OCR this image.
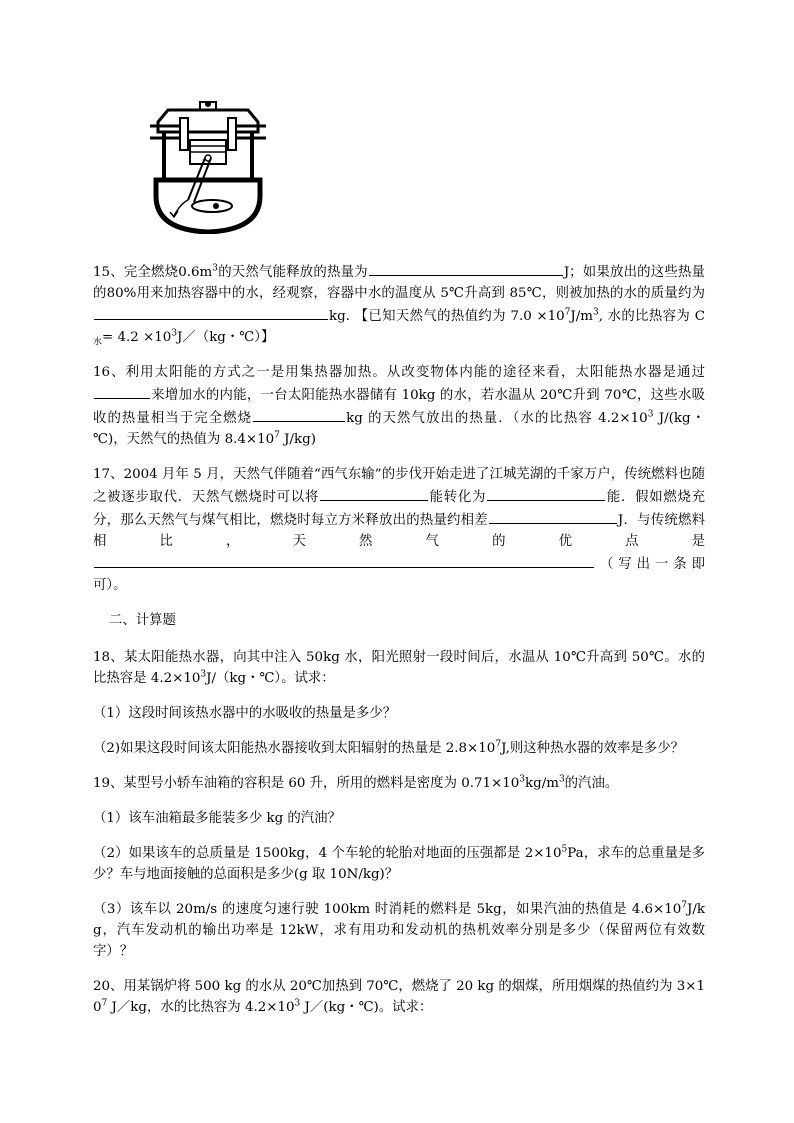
15、完全燃烧$0.6m^3$的天然气能释放的热量为	J；如果放出的这些热量的80%用来加热容器中的水，经观察，容器中水的温度从 5℃升高到 85℃，则被加热的水的质量约为kg. 【已知天然气的热值约为 $7.0 \times 10^7J/m^3$, 水的比热容为 $C_水= 4.2$ $\times 10^3J/(kg$・℃）】

16、利用太阳能的方式之一是用集热器加热。从改变物体内能的途径来看，太阳能热水器是通过来增加水的内能，一台太阳能热水器储有 10kg 的水，若水温从 20℃升到 70℃，这些水吸收的热量相当于完全燃烧	kg 的天然气放出的热量．（水的比热容 $4.2\times 10^3$ J/(kg・℃)，天然气的热值为 $8.4\times 10^7$ J/kg)

17、2004 月年 5 月，天然气伴随着“西气东输”的步伐开始走进了江城芜湖的千家万户，传统燃料也随之被逐步取代．天然气燃烧时可以将	能转化为	能．假如燃烧充分，那么天然气与煤气相比，燃烧时每立方米释放出的热量约相差	J．与传统燃料相比，天然气的优点是（写出一条即可）。

二、计算题

18、某太阳能热水器，向其中注入 50kg 水，阳光照射一段时间后，水温从 10℃升高到 50℃。水的比热容是 $4.2\times 10^3J/(kg$・℃）。试求：

（1）这段时间该热水器中的水吸收的热量是多少？

（2)如果这段时间该太阳能热水器接收到太阳辐射的热量是 $2.8\times 10^7J$,则这种热水器的效率是多少？

19、某型号小轿车油箱的容积是 60 升，所用的燃料是密度为 $0.71\times 10^3kg/m^3$的汽油。

（1）该车油箱最多能装多少 kg 的汽油？

（2）如果该车的总质量是 1500kg，4 个车轮的轮胎对地面的压强都是 $2\times 10^5Pa$，求车的总重量是多少？车与地面接触的总面积是多少(g 取 10N/kg)？

（3）该车以 20m/s 的速度匀速行驶 100km 时消耗的燃料是 5kg，如果汽油的热值是 $4.6\times 10^7J/kg$，汽车发动机的输出功率是 12kW，求有用功和发动机的热机效率分别是多少（保留两位有效数字）？

20、用某锅炉将 500 kg 的水从 20℃加热到 70℃，燃烧了 20 kg 的烟煤，所用烟煤的热值约为 $3\times 10^7$ J／kg，水的比热容为 $4.2\times 10^3$ J／(kg・℃)。试求：
